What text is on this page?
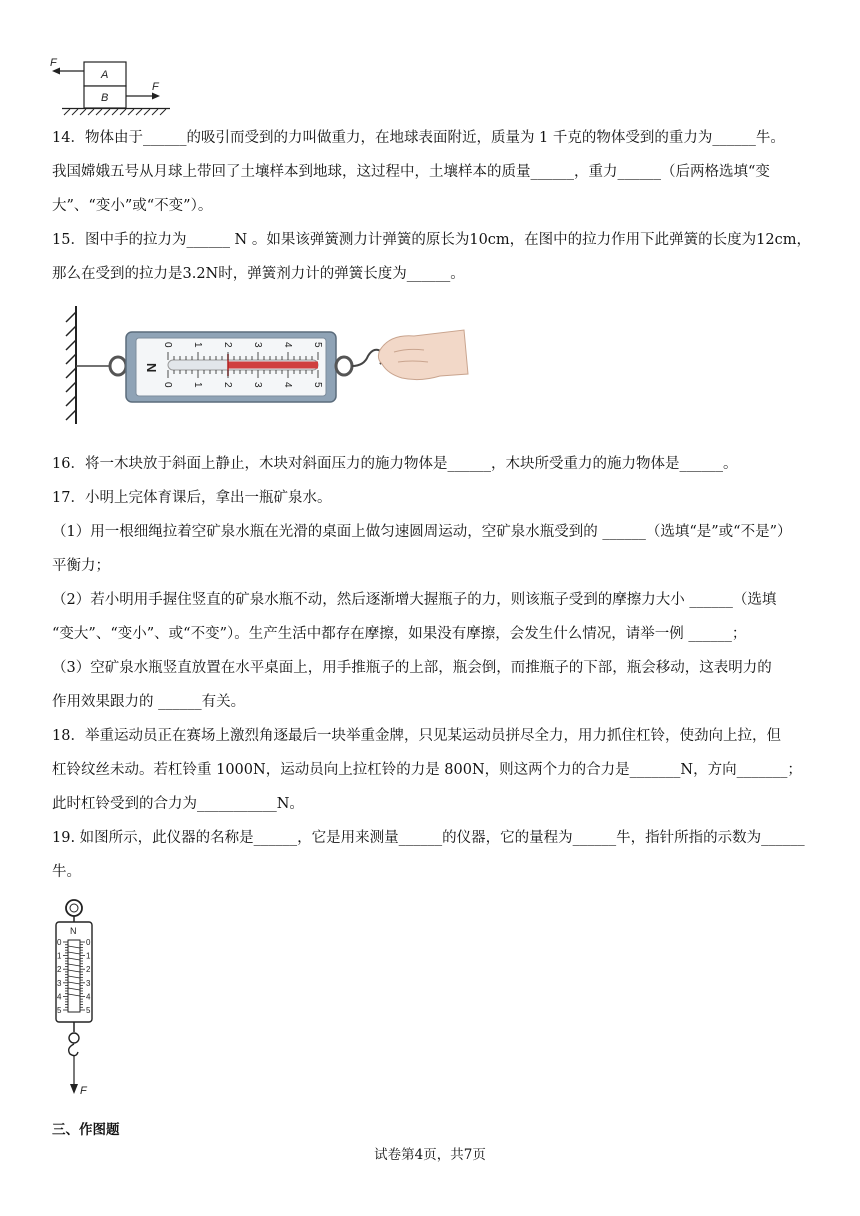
F
A
B
F
14．物体由于______的吸引而受到的力叫做重力，在地球表面附近，质量为 1 千克的物体受到的重力为______牛。
我国嫦娥五号从月球上带回了土壤样本到地球，这过程中，土壤样本的质量______，重力______（后两格选填“变
大”、“变小”或“不变”）。
15．图中手的拉力为______ N 。如果该弹簧测力计弹簧的原长为10cm，在图中的拉力作用下此弹簧的长度为12cm，
那么在受到的拉力是3.2N时，弹簧剂力计的弹簧长度为______。
N
0 1 2 3 4 5
0 1 2 3 4 5
16．将一木块放于斜面上静止，木块对斜面压力的施力物体是______，木块所受重力的施力物体是______。
17．小明上完体育课后，拿出一瓶矿泉水。
（1）用一根细绳拉着空矿泉水瓶在光滑的桌面上做匀速圆周运动，空矿泉水瓶受到的 ______（选填“是”或“不是”）
平衡力；
（2）若小明用手握住竖直的矿泉水瓶不动，然后逐渐增大握瓶子的力，则该瓶子受到的摩擦力大小 ______（选填
“变大”、“变小”、或“不变”）。生产生活中都存在摩擦，如果没有摩擦，会发生什么情况，请举一例 ______；
（3）空矿泉水瓶竖直放置在水平桌面上，用手推瓶子的上部，瓶会倒，而推瓶子的下部，瓶会移动，这表明力的
作用效果跟力的 ______有关。
18．举重运动员正在赛场上激烈角逐最后一块举重金牌，只见某运动员拼尽全力，用力抓住杠铃，使劲向上拉，但
杠铃纹丝未动。若杠铃重 1000N，运动员向上拉杠铃的力是 800N，则这两个力的合力是_______N，方向_______；
此时杠铃受到的合力为___________N。
19. 如图所示，此仪器的名称是______，它是用来测量______的仪器，它的量程为______牛，指针所指的示数为______
牛。
N
0
1
2
3
4
5
0
1
2
3
4
5
F
三、作图题
试卷第4页，共7页
